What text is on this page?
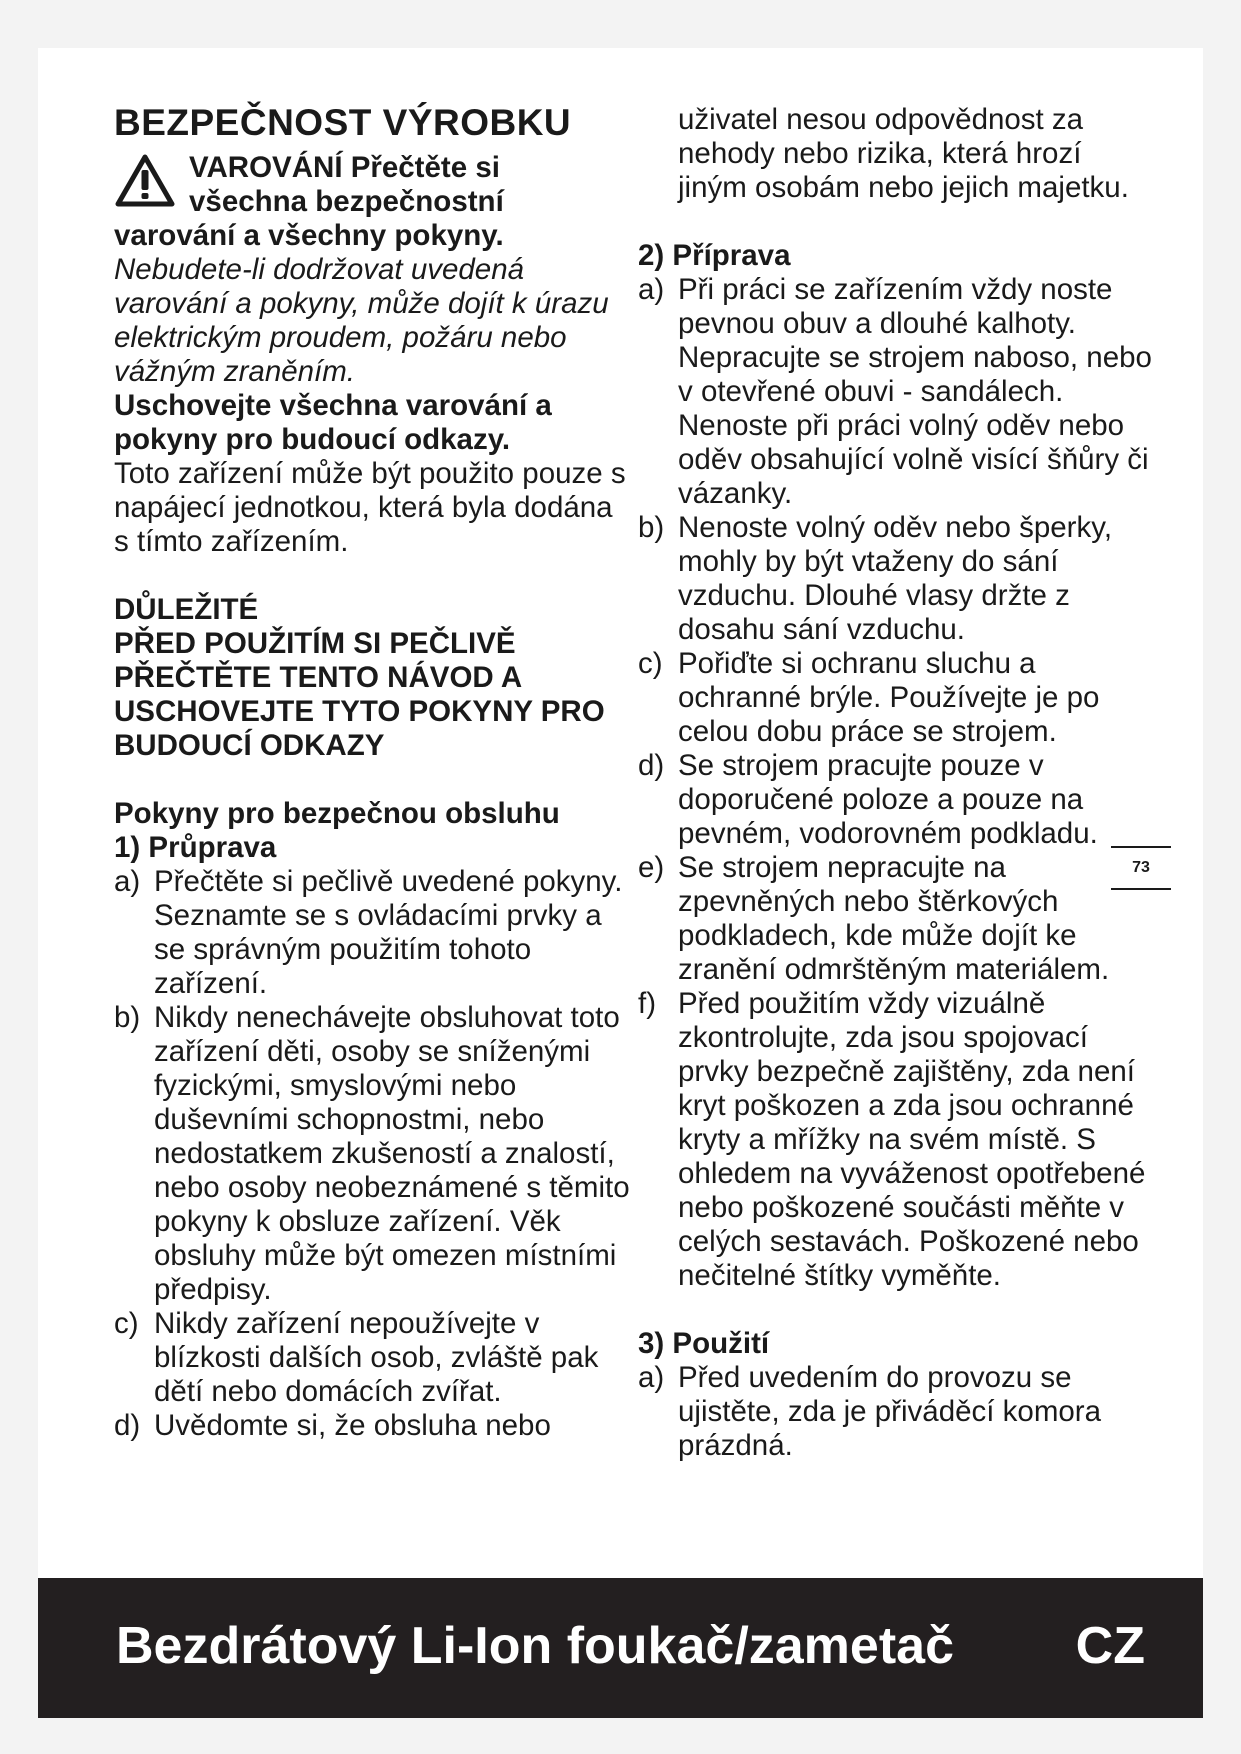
BEZPEČNOST VÝROBKU
VAROVÁNÍ Přečtěte si
všechna bezpečnostní
varování a všechny pokyny.
Nebudete-li dodržovat uvedená varování a pokyny, může dojít k úrazu elektrickým proudem, požáru nebo vážným zraněním.
Uschovejte všechna varování a pokyny pro budoucí odkazy.
Toto zařízení může být použito pouze s napájecí jednotkou, která byla dodána s tímto zařízením.
DŮLEŽITÉ
PŘED POUŽITÍM SI PEČLIVĚ PŘEČTĚTE TENTO NÁVOD A USCHOVEJTE TYTO POKYNY PRO BUDOUCÍ ODKAZY
Pokyny pro bezpečnou obsluhu
1) Průprava
a) Přečtěte si pečlivě uvedené pokyny. Seznamte se s ovládacími prvky a se správným použitím tohoto zařízení.
b) Nikdy nenechávejte obsluhovat toto zařízení děti, osoby se sníženými fyzickými, smyslovými nebo duševními schopnostmi, nebo nedostatkem zkušeností a znalostí, nebo osoby neobeznámené s těmito pokyny k obsluze zařízení. Věk obsluhy může být omezen místními předpisy.
c) Nikdy zařízení nepoužívejte v blízkosti dalších osob, zvláště pak dětí nebo domácích zvířat.
d) Uvědomte si, že obsluha nebo
uživatel nesou odpovědnost za nehody nebo rizika, která hrozí jiným osobám nebo jejich majetku.
2) Příprava
a) Při práci se zařízením vždy noste pevnou obuv a dlouhé kalhoty. Nepracujte se strojem naboso, nebo v otevřené obuvi - sandálech. Nenoste při práci volný oděv nebo oděv obsahující volně visící šňůry či vázanky.
b) Nenoste volný oděv nebo šperky, mohly by být vtaženy do sání vzduchu. Dlouhé vlasy držte z dosahu sání vzduchu.
c) Pořiďte si ochranu sluchu a ochranné brýle. Používejte je po celou dobu práce se strojem.
d) Se strojem pracujte pouze v doporučené poloze a pouze na pevném, vodorovném podkladu.
e) Se strojem nepracujte na zpevněných nebo štěrkových podkladech, kde může dojít ke zranění odmrštěným materiálem.
f) Před použitím vždy vizuálně zkontrolujte, zda jsou spojovací prvky bezpečně zajištěny, zda není kryt poškozen a zda jsou ochranné kryty a mřížky na svém místě. S ohledem na vyváženost opotřebené nebo poškozené součásti měňte v celých sestavách. Poškozené nebo nečitelné štítky vyměňte.
3) Použití
a) Před uvedením do provozu se ujistěte, zda je přiváděcí komora prázdná.
73
Bezdrátový Li-Ion foukač/zametač CZ
